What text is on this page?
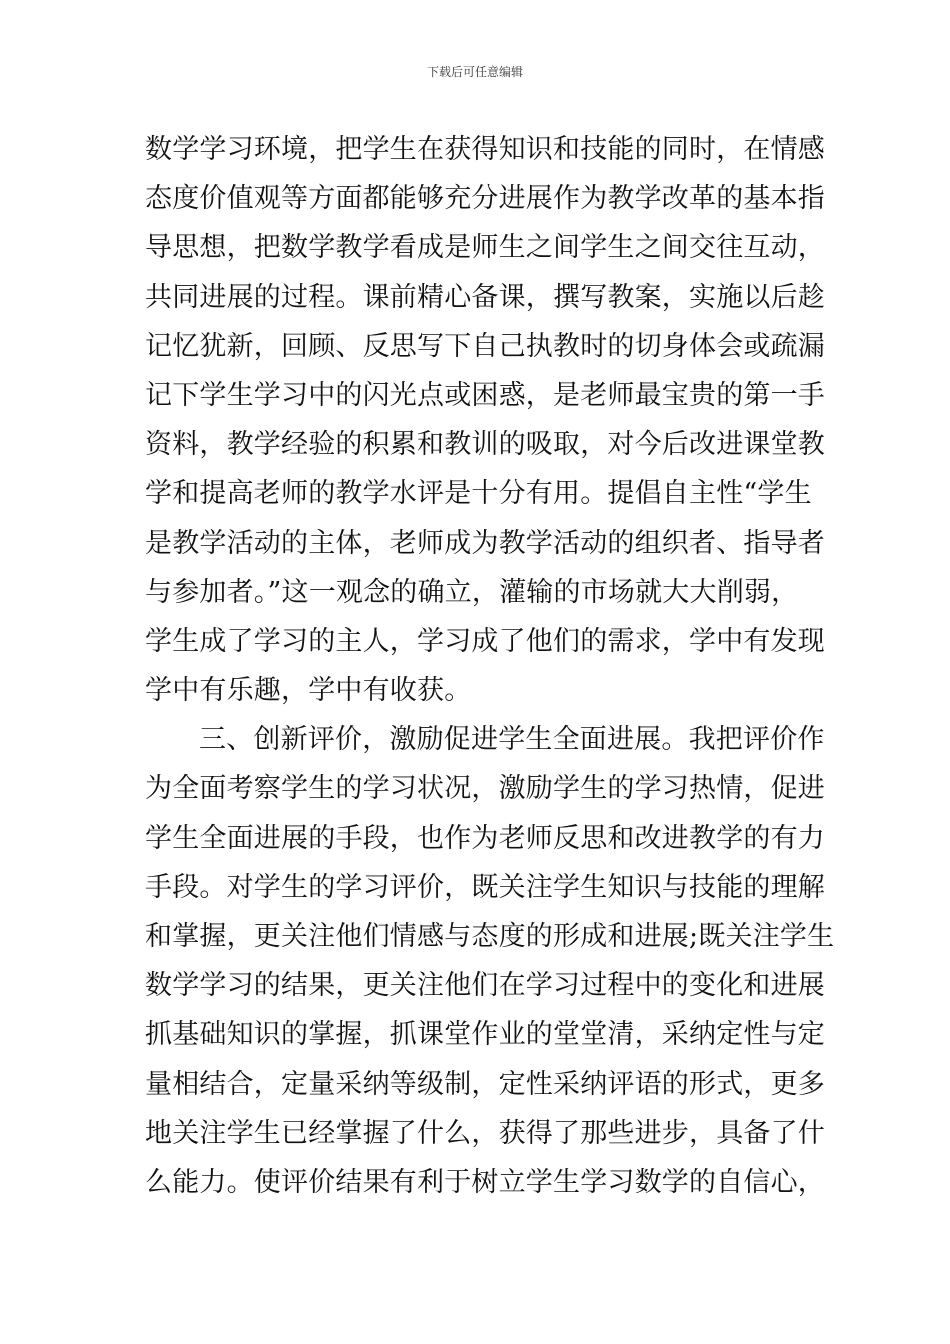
下载后可任意编辑
数学学习环境，把学生在获得知识和技能的同时，在情感
态度价值观等方面都能够充分进展作为教学改革的基本指
导思想，把数学教学看成是师生之间学生之间交往互动，
共同进展的过程。课前精心备课，撰写教案，实施以后趁
记忆犹新，回顾、反思写下自己执教时的切身体会或疏漏
记下学生学习中的闪光点或困惑，是老师最宝贵的第一手
资料，教学经验的积累和教训的吸取，对今后改进课堂教
学和提高老师的教学水评是十分有用。提倡自主性“学生
是教学活动的主体，老师成为教学活动的组织者、指导者
与参加者。”这一观念的确立，灌输的市场就大大削弱，
学生成了学习的主人，学习成了他们的需求，学中有发现
学中有乐趣，学中有收获。
三、创新评价，激励促进学生全面进展。我把评价作
为全面考察学生的学习状况，激励学生的学习热情，促进
学生全面进展的手段，也作为老师反思和改进教学的有力
手段。对学生的学习评价，既关注学生知识与技能的理解
和掌握，更关注他们情感与态度的形成和进展;既关注学生
数学学习的结果，更关注他们在学习过程中的变化和进展
抓基础知识的掌握，抓课堂作业的堂堂清，采纳定性与定
量相结合，定量采纳等级制，定性采纳评语的形式，更多
地关注学生已经掌握了什么，获得了那些进步，具备了什
么能力。使评价结果有利于树立学生学习数学的自信心，
